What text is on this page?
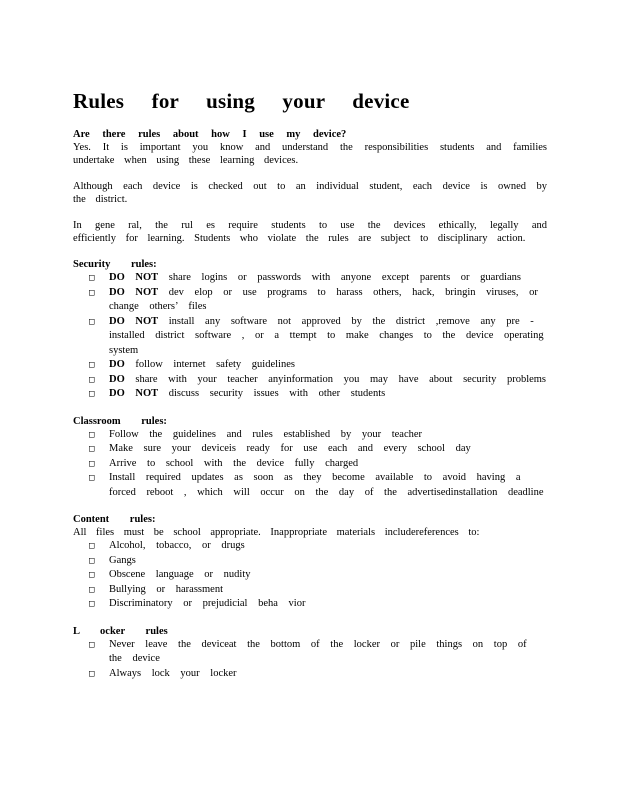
Rules for using your device

Are there rules about how I use my device?

Yes. It is important you know and understand the responsibilities students and families undertake when using these learning devices.

Although each device is checked out to an individual student, each device is owned by the district.

In gene ral, the rul es require students to use the devices ethically, legally and efficiently for learning. Students who violate the rules are subject to disciplinary action.

Security rules:

□ DO NOT share logins or passwords with anyone except parents or guardians
□ DO NOT dev elop or use programs to harass others, hack, bringin viruses, or change others’ files
□ DO NOT install any software not approved by the district ,remove any pre -installed district software , or a ttempt to make changes to the device operating system
□ DO follow internet safety guidelines
□ DO share with your teacher anyinformation you may have about security problems
□ DO NOT discuss security issues with other students

Classroom rules:

□ Follow the guidelines and rules established by your teacher
□ Make sure your deviceis ready for use each and every school day
□ Arrive to school with the device fully charged
□ Install required updates as soon as they become available to avoid having a forced reboot , which will occur on the day of the advertisedinstallation deadline

Content rules:

All files must be school appropriate. Inappropriate materials includereferences to:

□ Alcohol, tobacco, or drugs
□ Gangs
□ Obscene language or nudity
□ Bullying or harassment
□ Discriminatory or prejudicial beha vior

L ocker rules

□ Never leave the deviceat the bottom of the locker or pile things on top of the device
□ Always lock your locker
